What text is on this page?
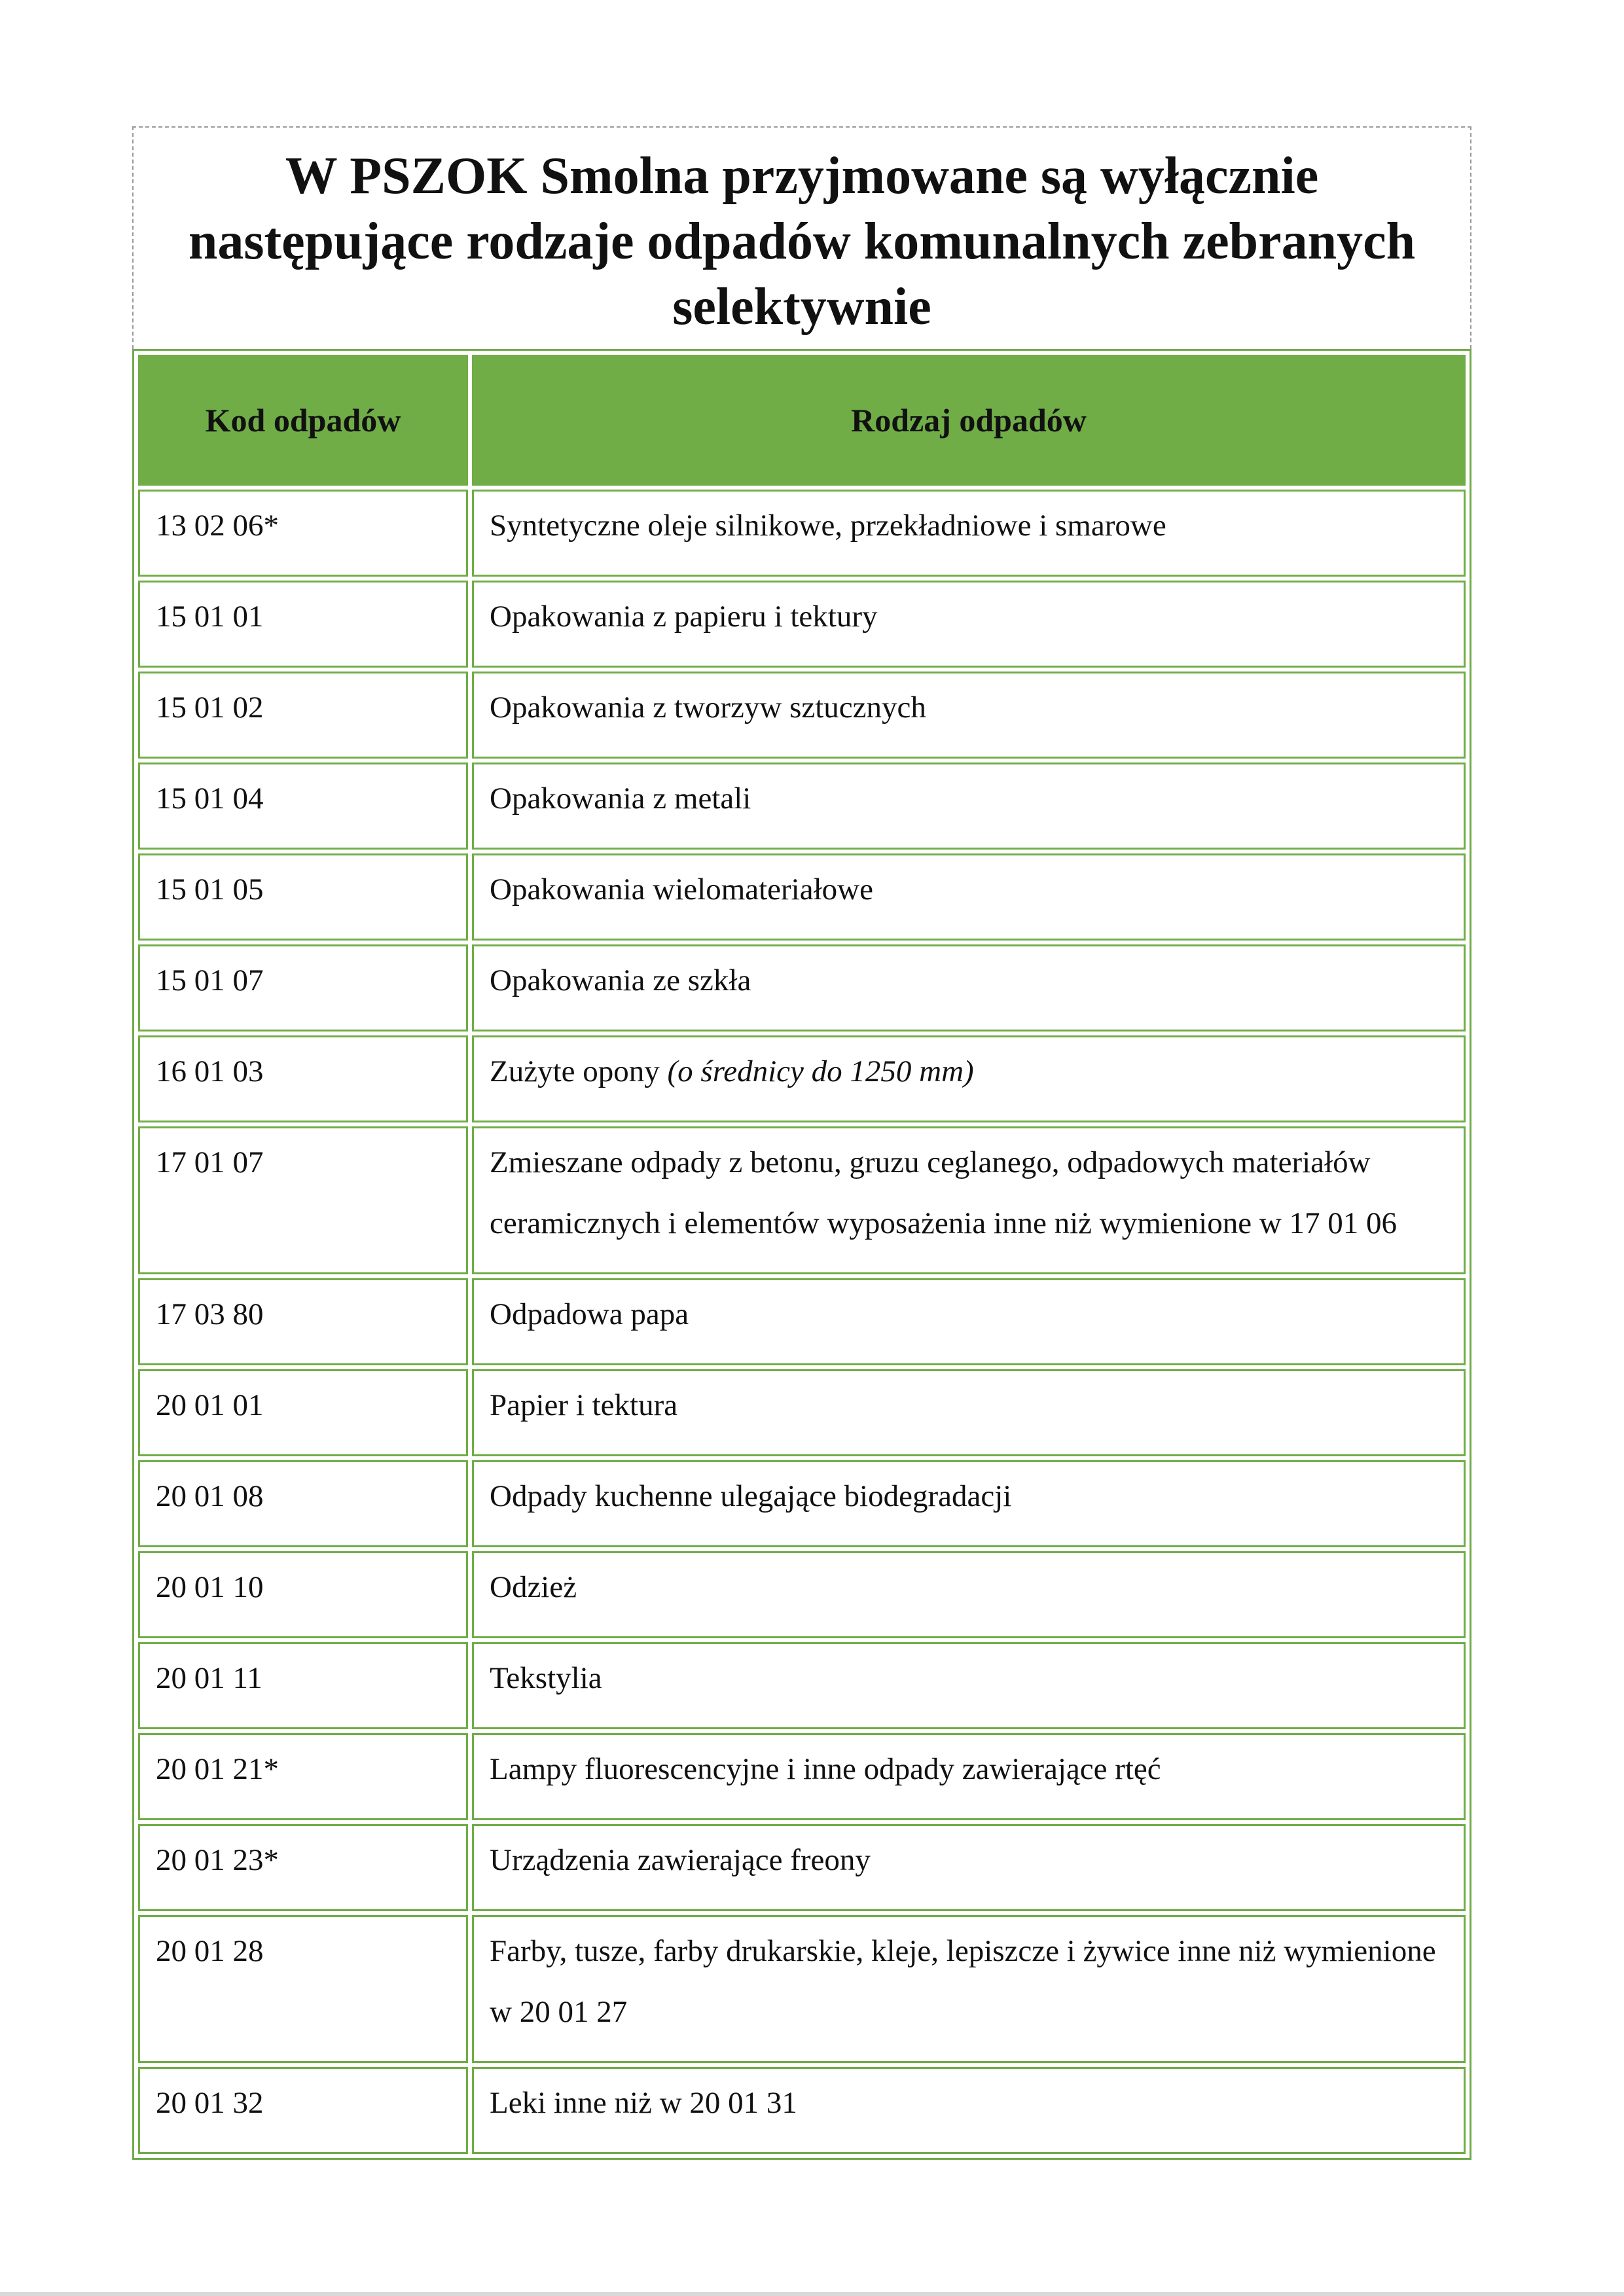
W PSZOK Smolna przyjmowane są wyłącznie następujące rodzaje odpadów komunalnych zebranych selektywnie
Kod odpadów	Rodzaj odpadów
13 02 06*	Syntetyczne oleje silnikowe, przekładniowe i smarowe
15 01 01	Opakowania z papieru i tektury
15 01 02	Opakowania z tworzyw sztucznych
15 01 04	Opakowania z metali
15 01 05	Opakowania wielomateriałowe
15 01 07	Opakowania ze szkła
16 01 03	Zużyte opony (o średnicy do 1250 mm)
17 01 07	Zmieszane odpady z betonu, gruzu ceglanego, odpadowych materiałów ceramicznych i elementów wyposażenia inne niż wymienione w 17 01 06
17 03 80	Odpadowa papa
20 01 01	Papier i tektura
20 01 08	Odpady kuchenne ulegające biodegradacji
20 01 10	Odzież
20 01 11	Tekstylia
20 01 21*	Lampy fluorescencyjne i inne odpady zawierające rtęć
20 01 23*	Urządzenia zawierające freony
20 01 28	Farby, tusze, farby drukarskie, kleje, lepiszcze i żywice inne niż wymienione w 20 01 27
20 01 32	Leki inne niż w 20 01 31
